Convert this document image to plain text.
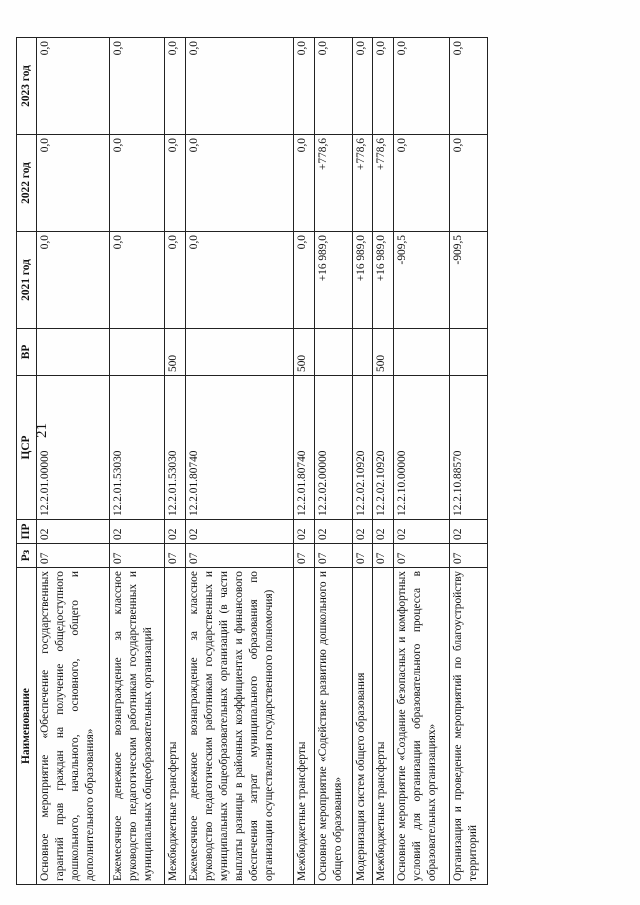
21
Наименование	Рз	ПР	ЦСР	ВР	2021 год	2022 год	2023 год
Основное мероприятие «Обеспечение государственных гарантий прав граждан на получение общедоступного дошкольного, начального, основного, общего и дополнительного образования»	07	02	12.2.01.00000		0,0	0,0	0,0
Ежемесячное денежное вознаграждение за классное руководство педагогическим работникам государственных и муниципальных общеобразовательных организаций	07	02	12.2.01.53030		0,0	0,0	0,0
Межбюджетные трансферты	07	02	12.2.01.53030	500	0,0	0,0	0,0
Ежемесячное денежное вознаграждение за классное руководство педагогическим работникам государственных и муниципальных общеобразовательных организаций (в части выплаты разницы в районных коэффициентах и финансового обеспечения затрат муниципального образования по организации осуществления государственного полномочия)	07	02	12.2.01.80740		0,0	0,0	0,0
Межбюджетные трансферты	07	02	12.2.01.80740	500	0,0	0,0	0,0
Основное мероприятие «Содействие развитию дошкольного и общего образования»	07	02	12.2.02.00000		+16 989,0	+778,6	0,0
Модернизация систем общего образования	07	02	12.2.02.10920		+16 989,0	+778,6	0,0
Межбюджетные трансферты	07	02	12.2.02.10920	500	+16 989,0	+778,6	0,0
Основное мероприятие «Создание безопасных и комфортных условий для организации образовательного процесса в образовательных организациях»	07	02	12.2.10.00000		-909,5	0,0	0,0
Организация и проведение мероприятий по благоустройству территорий	07	02	12.2.10.88570		-909,5	0,0	0,0
